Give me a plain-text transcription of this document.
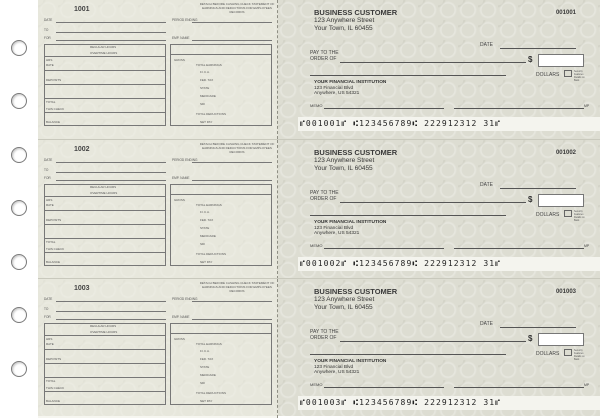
1001
DETACH BEFORE CASHING CHECK STATEMENT OF EARNINGS AND DEDUCTIONS FOR EMPLOYEES RECORDS
DATE	PERIOD ENDING
TO
FOR	EMP. NAME
REGULAR HOURS
OVERTIME HOURS
HRS
RATE
DEPOSITS
TOTAL
THIS CHECK
BALANCE
GROSS
TOTAL EARNINGS
F.I.C.A.
FED. TAX
STATE
MEDICARE
SDI
TOTAL DEDUCTIONS
NET PAY
BUSINESS CUSTOMER
123 Anywhere Street
Your Town, IL 60455
001001
DATE
PAY TO THE
ORDER OF	$
DOLLARS
Security Features Details on Back
YOUR FINANCIAL INSTITUTION
123 Financial Blvd
Anywhere, US 54321
MEMO	MP
⑈001001⑈ ⑆123456789⑆ 222912312 31⑈
1002
DETACH BEFORE CASHING CHECK STATEMENT OF EARNINGS AND DEDUCTIONS FOR EMPLOYEES RECORDS
DATE	PERIOD ENDING
TO
FOR	EMP. NAME
REGULAR HOURS
OVERTIME HOURS
HRS
RATE
DEPOSITS
TOTAL
THIS CHECK
BALANCE
GROSS
TOTAL EARNINGS
F.I.C.A.
FED. TAX
STATE
MEDICARE
SDI
TOTAL DEDUCTIONS
NET PAY
BUSINESS CUSTOMER
123 Anywhere Street
Your Town, IL 60455
001002
DATE
PAY TO THE
ORDER OF	$
DOLLARS
Security Features Details on Back
YOUR FINANCIAL INSTITUTION
123 Financial Blvd
Anywhere, US 54321
MEMO	MP
⑈001002⑈ ⑆123456789⑆ 222912312 31⑈
1003
DETACH BEFORE CASHING CHECK STATEMENT OF EARNINGS AND DEDUCTIONS FOR EMPLOYEES RECORDS
DATE	PERIOD ENDING
TO
FOR	EMP. NAME
REGULAR HOURS
OVERTIME HOURS
HRS
RATE
DEPOSITS
TOTAL
THIS CHECK
BALANCE
GROSS
TOTAL EARNINGS
F.I.C.A.
FED. TAX
STATE
MEDICARE
SDI
TOTAL DEDUCTIONS
NET PAY
BUSINESS CUSTOMER
123 Anywhere Street
Your Town, IL 60455
001003
DATE
PAY TO THE
ORDER OF	$
DOLLARS
Security Features Details on Back
YOUR FINANCIAL INSTITUTION
123 Financial Blvd
Anywhere, US 54321
MEMO	MP
⑈001003⑈ ⑆123456789⑆ 222912312 31⑈
